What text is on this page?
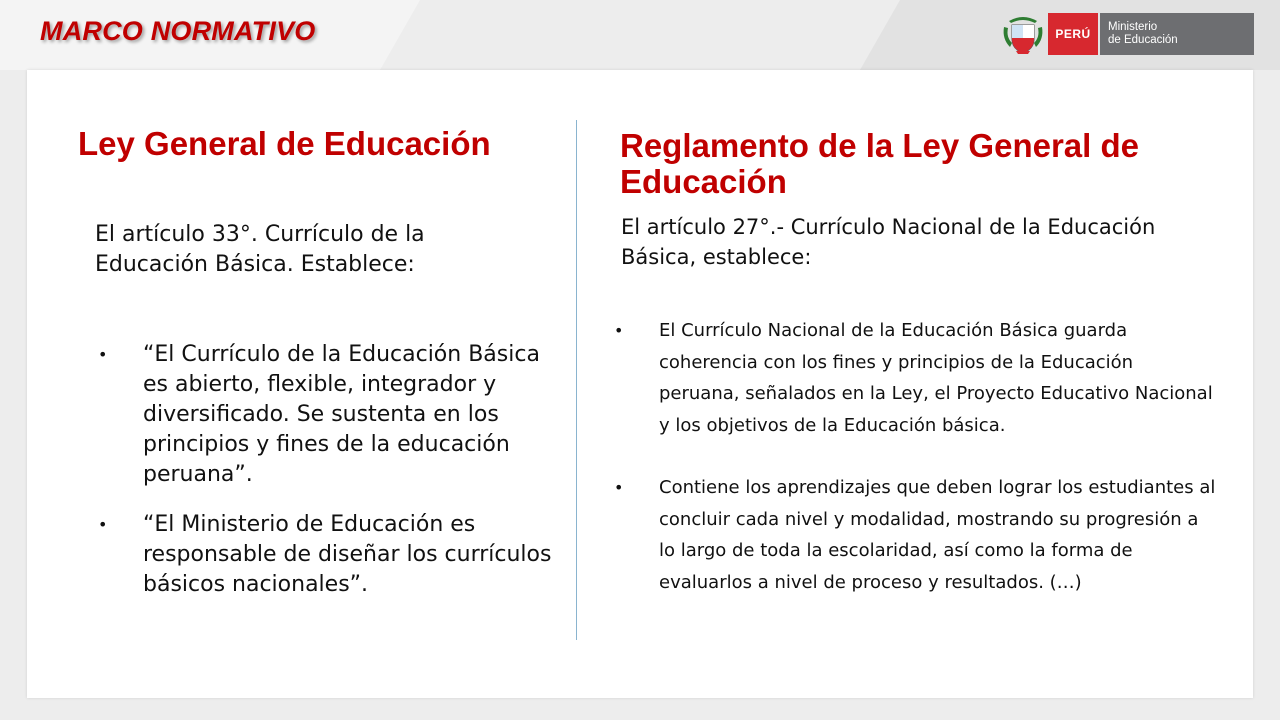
MARCO NORMATIVO	PERÚ	Ministerio
de Educación
Ley General de Educación

El artículo 33°. Currículo de la Educación Básica. Establece:

• “El Currículo de la Educación Básica es abierto, flexible, integrador y diversificado. Se sustenta en los principios y fines de la educación peruana”.
• “El Ministerio de Educación es responsable de diseñar los currículos básicos nacionales”.
Reglamento de la Ley General de Educación

El artículo 27°.- Currículo Nacional de la Educación Básica, establece:

• El Currículo Nacional de la Educación Básica guarda coherencia con los fines y principios de la Educación peruana, señalados en la Ley, el Proyecto Educativo Nacional y los objetivos de la Educación básica.
• Contiene los aprendizajes que deben lograr los estudiantes al concluir cada nivel y modalidad, mostrando su progresión a lo largo de toda la escolaridad, así como la forma de evaluarlos a nivel de proceso y resultados. (…)
